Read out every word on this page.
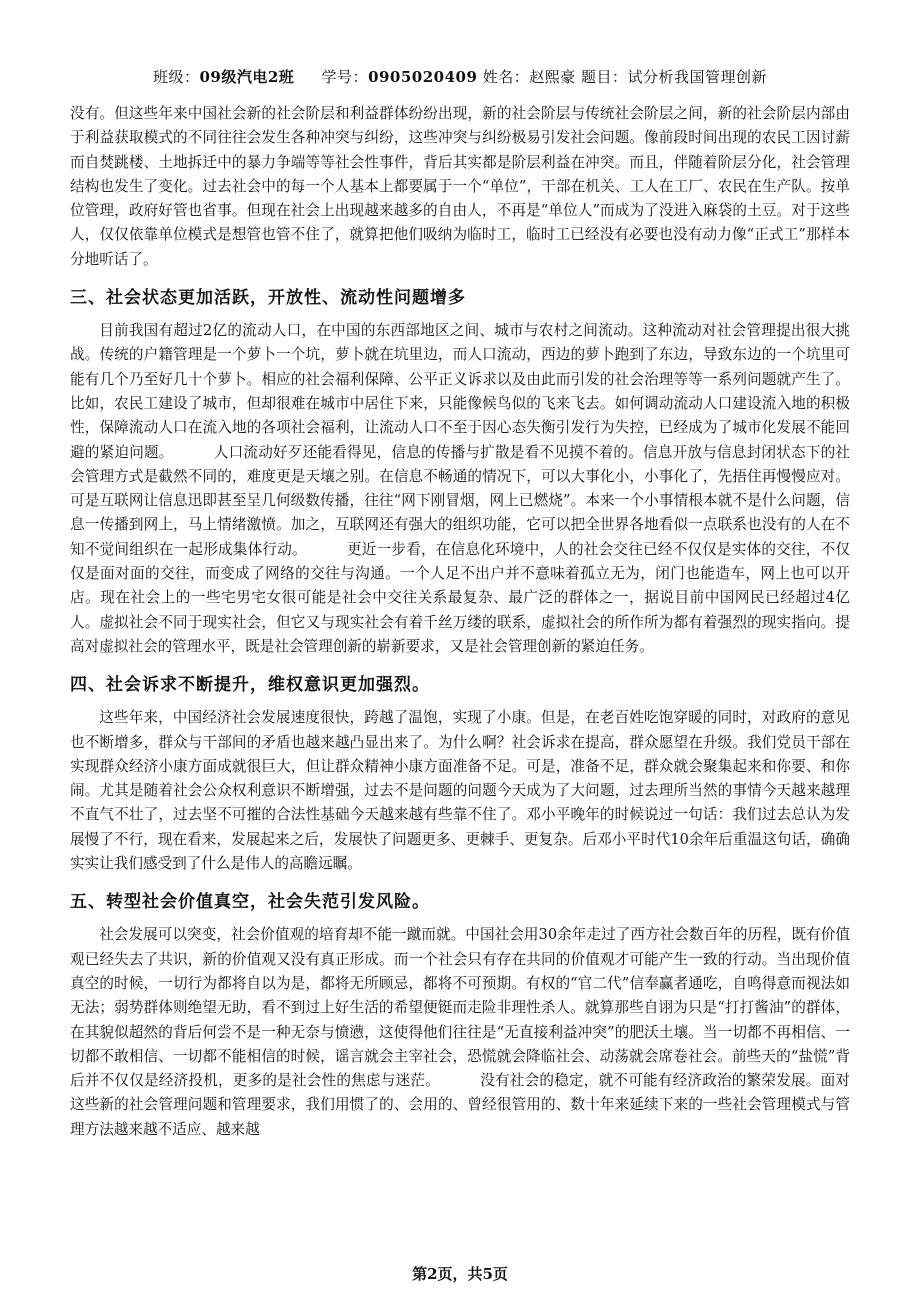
班级：09级汽电2班 学号：0905020409 姓名：赵熙豪 题目：试分析我国管理创新

没有。但这些年来中国社会新的社会阶层和利益群体纷纷出现，新的社会阶层与传统社会阶层之间，新的社会阶层内部由于利益获取模式的不同往往会发生各种冲突与纠纷，这些冲突与纠纷极易引发社会问题。像前段时间出现的农民工因讨薪而自焚跳楼、土地拆迁中的暴力争端等等社会性事件，背后其实都是阶层利益在冲突。而且，伴随着阶层分化，社会管理结构也发生了变化。过去社会中的每一个人基本上都要属于一个“单位”，干部在机关、工人在工厂、农民在生产队。按单位管理，政府好管也省事。但现在社会上出现越来越多的自由人，不再是“单位人”而成为了没进入麻袋的土豆。对于这些人，仅仅依靠单位模式是想管也管不住了，就算把他们吸纳为临时工，临时工已经没有必要也没有动力像“正式工”那样本分地听话了。

三、社会状态更加活跃，开放性、流动性问题增多

目前我国有超过2亿的流动人口，在中国的东西部地区之间、城市与农村之间流动。这种流动对社会管理提出很大挑战。传统的户籍管理是一个萝卜一个坑，萝卜就在坑里边，而人口流动，西边的萝卜跑到了东边，导致东边的一个坑里可能有几个乃至好几十个萝卜。相应的社会福利保障、公平正义诉求以及由此而引发的社会治理等等一系列问题就产生了。比如，农民工建设了城市，但却很难在城市中居住下来，只能像候鸟似的飞来飞去。如何调动流动人口建设流入地的积极性，保障流动人口在流入地的各项社会福利，让流动人口不至于因心态失衡引发行为失控，已经成为了城市化发展不能回避的紧迫问题。	人口流动好歹还能看得见，信息的传播与扩散是看不见摸不着的。信息开放与信息封闭状态下的社会管理方式是截然不同的，难度更是天壤之别。在信息不畅通的情况下，可以大事化小，小事化了，先捂住再慢慢应对。可是互联网让信息迅即甚至呈几何级数传播，往往“网下刚冒烟，网上已燃烧”。本来一个小事情根本就不是什么问题，信息一传播到网上，马上情绪激愤。加之，互联网还有强大的组织功能，它可以把全世界各地看似一点联系也没有的人在不知不觉间组织在一起形成集体行动。	更近一步看，在信息化环境中，人的社会交往已经不仅仅是实体的交往，不仅仅是面对面的交往，而变成了网络的交往与沟通。一个人足不出户并不意味着孤立无为，闭门也能造车，网上也可以开店。现在社会上的一些宅男宅女很可能是社会中交往关系最复杂、最广泛的群体之一，据说目前中国网民已经超过4亿人。虚拟社会不同于现实社会，但它又与现实社会有着千丝万缕的联系，虚拟社会的所作所为都有着强烈的现实指向。提高对虚拟社会的管理水平，既是社会管理创新的崭新要求，又是社会管理创新的紧迫任务。

四、社会诉求不断提升，维权意识更加强烈。

这些年来，中国经济社会发展速度很快，跨越了温饱，实现了小康。但是，在老百姓吃饱穿暖的同时，对政府的意见也不断增多，群众与干部间的矛盾也越来越凸显出来了。为什么啊？社会诉求在提高，群众愿望在升级。我们党员干部在实现群众经济小康方面成就很巨大，但让群众精神小康方面准备不足。可是，准备不足，群众就会聚集起来和你要、和你闹。尤其是随着社会公众权利意识不断增强，过去不是问题的问题今天成为了大问题，过去理所当然的事情今天越来越理不直气不壮了，过去坚不可摧的合法性基础今天越来越有些靠不住了。邓小平晚年的时候说过一句话：我们过去总认为发展慢了不行，现在看来，发展起来之后，发展快了问题更多、更棘手、更复杂。后邓小平时代10余年后重温这句话，确确实实让我们感受到了什么是伟人的高瞻远瞩。

五、转型社会价值真空，社会失范引发风险。

社会发展可以突变，社会价值观的培育却不能一蹴而就。中国社会用30余年走过了西方社会数百年的历程，既有价值观已经失去了共识，新的价值观又没有真正形成。而一个社会只有存在共同的价值观才可能产生一致的行动。当出现价值真空的时候，一切行为都将自以为是，都将无所顾忌，都将不可预期。有权的“官二代”信奉赢者通吃，自鸣得意而视法如无法；弱势群体则绝望无助，看不到过上好生活的希望便铤而走险非理性杀人。就算那些自诩为只是“打打酱油”的群体，在其貌似超然的背后何尝不是一种无奈与愤懑，这使得他们往往是“无直接利益冲突”的肥沃土壤。当一切都不再相信、一切都不敢相信、一切都不能相信的时候，谣言就会主宰社会，恐慌就会降临社会、动荡就会席卷社会。前些天的“盐慌”背后并不仅仅是经济投机，更多的是社会性的焦虑与迷茫。	没有社会的稳定，就不可能有经济政治的繁荣发展。面对这些新的社会管理问题和管理要求，我们用惯了的、会用的、曾经很管用的、数十年来延续下来的一些社会管理模式与管理方法越来越不适应、越来越

第2页，共5页
